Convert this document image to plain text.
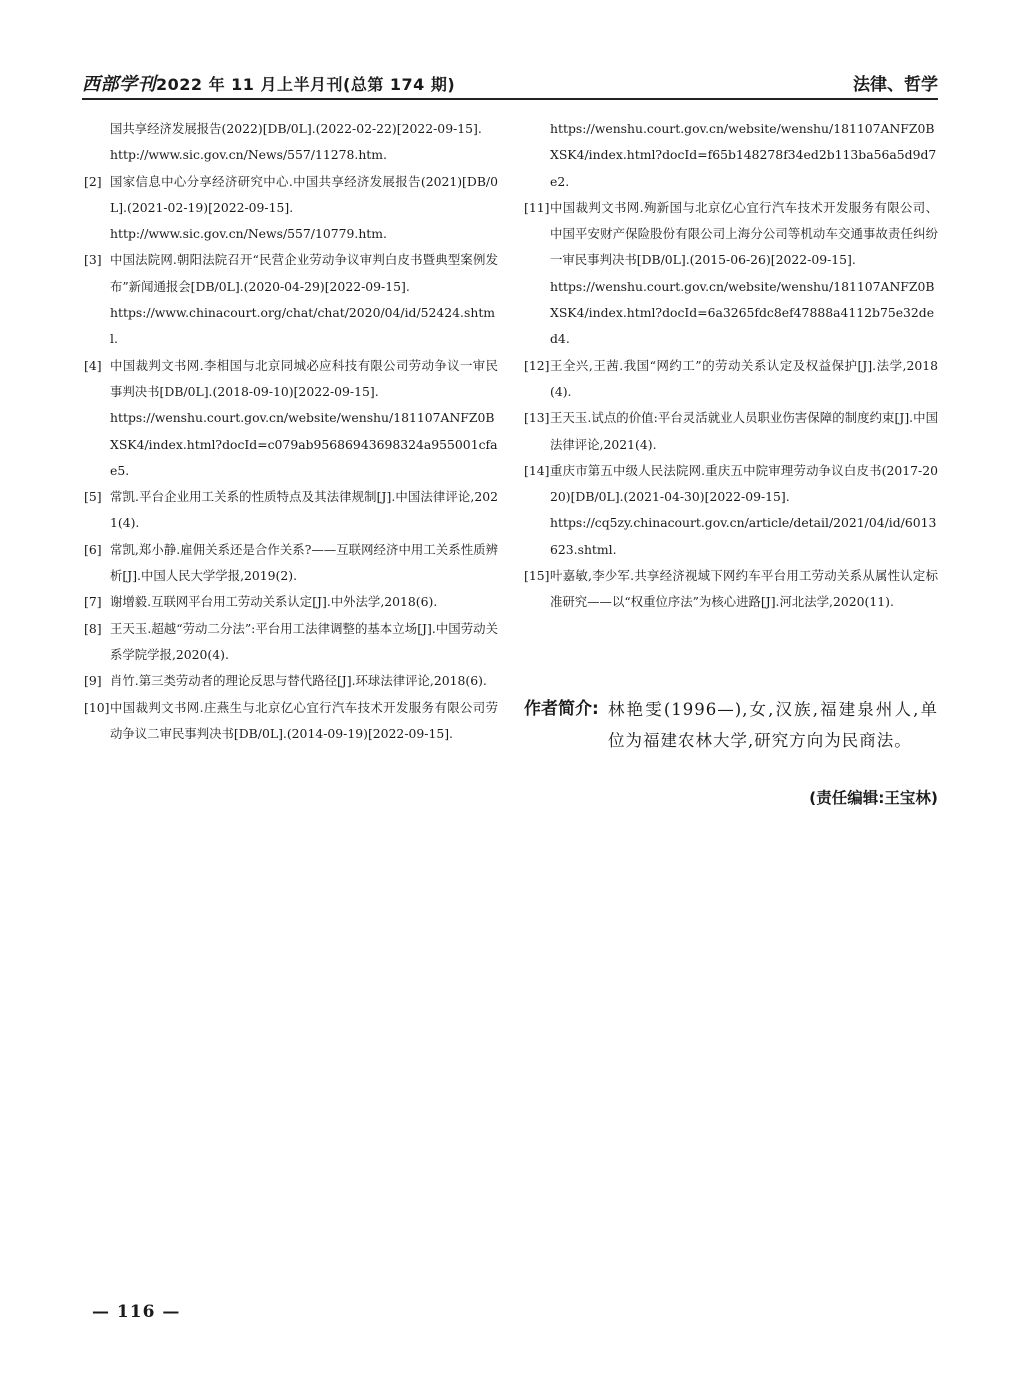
西部学刊2022 年 11 月上半月刊(总第 174 期)	法律、哲学
国共享经济发展报告(2022)[DB/0L].(2022-02-22)[2022-09-15].
http://www.sic.gov.cn/News/557/11278.htm.
[2] 国家信息中心分享经济研究中心.中国共享经济发展报告(2021)[DB/0L].(2021-02-19)[2022-09-15].
http://www.sic.gov.cn/News/557/10779.htm.
[3] 中国法院网.朝阳法院召开“民营企业劳动争议审判白皮书暨典型案例发布”新闻通报会[DB/0L].(2020-04-29)[2022-09-15].
https://www.chinacourt.org/chat/chat/2020/04/id/52424.shtml.
[4] 中国裁判文书网.李相国与北京同城必应科技有限公司劳动争议一审民事判决书[DB/0L].(2018-09-10)[2022-09-15].
https://wenshu.court.gov.cn/website/wenshu/181107ANFZ0BXSK4/index.html?docId=c079ab95686943698324a955001cfae5.
[5] 常凯.平台企业用工关系的性质特点及其法律规制[J].中国法律评论,2021(4).
[6] 常凯,郑小静.雇佣关系还是合作关系?——互联网经济中用工关系性质辨析[J].中国人民大学学报,2019(2).
[7] 谢增毅.互联网平台用工劳动关系认定[J].中外法学,2018(6).
[8] 王天玉.超越“劳动二分法”:平台用工法律调整的基本立场[J].中国劳动关系学院学报,2020(4).
[9] 肖竹.第三类劳动者的理论反思与替代路径[J].环球法律评论,2018(6).
[10] 中国裁判文书网.庄燕生与北京亿心宜行汽车技术开发服务有限公司劳动争议二审民事判决书[DB/0L].(2014-09-19)[2022-09-15].
https://wenshu.court.gov.cn/website/wenshu/181107ANFZ0BXSK4/index.html?docId=f65b148278f34ed2b113ba56a5d9d7e2.
[11] 中国裁判文书网.殉新国与北京亿心宜行汽车技术开发服务有限公司、中国平安财产保险股份有限公司上海分公司等机动车交通事故责任纠纷一审民事判决书[DB/0L].(2015-06-26)[2022-09-15].
https://wenshu.court.gov.cn/website/wenshu/181107ANFZ0BXSK4/index.html?docId=6a3265fdc8ef47888a4112b75e32ded4.
[12] 王全兴,王茜.我国“网约工”的劳动关系认定及权益保护[J].法学,2018(4).
[13] 王天玉.试点的价值:平台灵活就业人员职业伤害保障的制度约束[J].中国法律评论,2021(4).
[14] 重庆市第五中级人民法院网.重庆五中院审理劳动争议白皮书(2017-2020)[DB/0L].(2021-04-30)[2022-09-15].
https://cq5zy.chinacourt.gov.cn/article/detail/2021/04/id/6013623.shtml.
[15] 叶嘉敏,李少军.共享经济视域下网约车平台用工劳动关系从属性认定标准研究——以“权重位序法”为核心进路[J].河北法学,2020(11).
作者简介: 林艳雯(1996—),女,汉族,福建泉州人,单位为福建农林大学,研究方向为民商法。
(责任编辑:王宝林)
— 116 —
